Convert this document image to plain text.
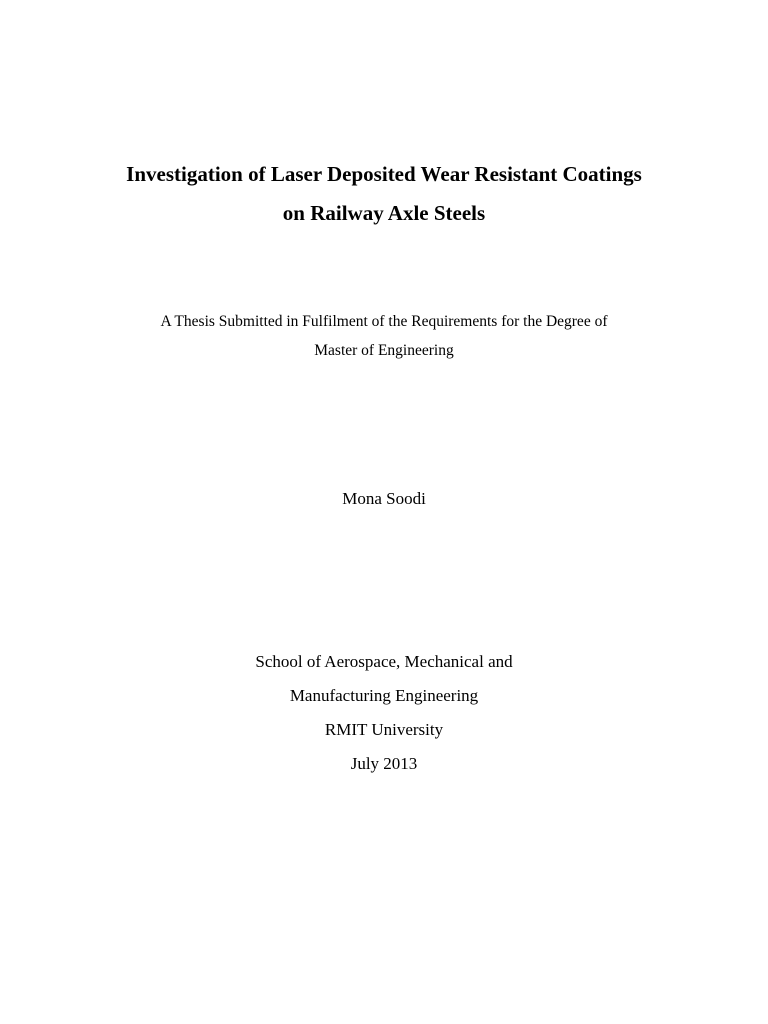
Investigation of Laser Deposited Wear Resistant Coatings
on Railway Axle Steels
A Thesis Submitted in Fulfilment of the Requirements for the Degree of
Master of Engineering
Mona Soodi
School of Aerospace, Mechanical and
Manufacturing Engineering
RMIT University
July 2013
